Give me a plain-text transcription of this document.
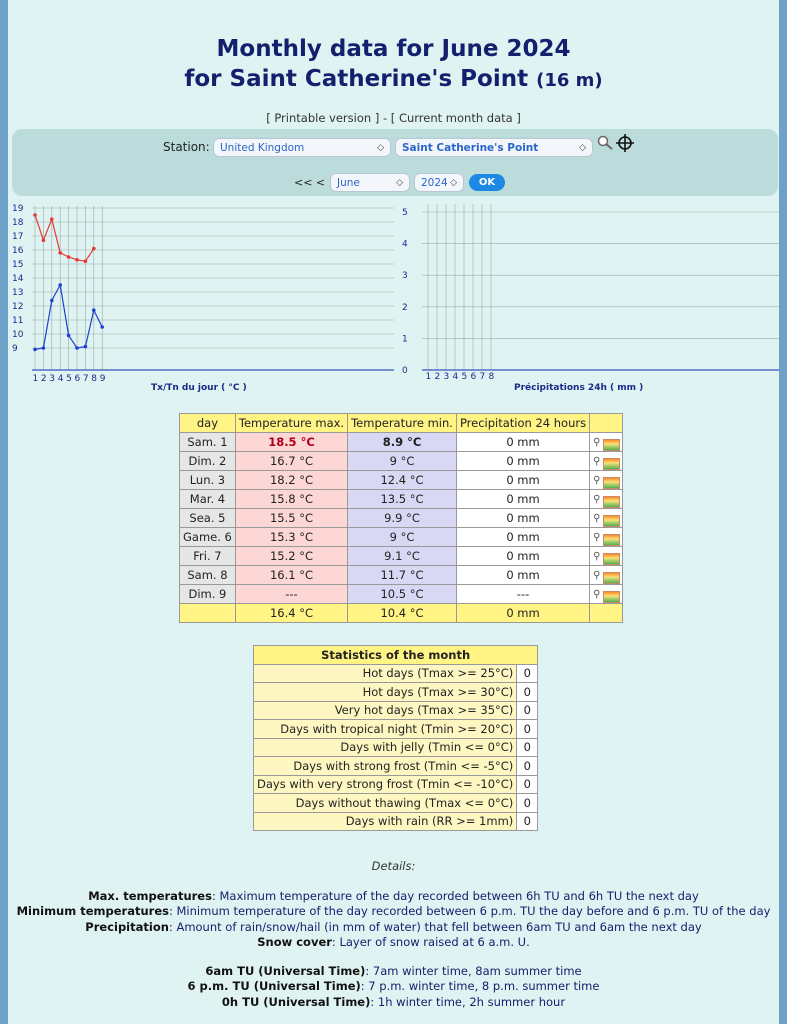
Monthly data for June 2024
for Saint Catherine's Point (16 m)
[ Printable version ] - [ Current month data ]
Station: United Kingdom	◇	Saint Catherine's Point	◇
<< <	June	◇	2024 ◇	OK
9
10
11
12
13
14
15
16
17
18
19
1 2 3 4 5 6 7 8 9
Tx/Tn du jour ( °C )
0
1
2
3
4
5
1 2 3 4 5 6 7 8
Précipitations 24h ( mm )
day	Temperature max.	Temperature min.	Precipitation 24 hours	
Sam. 1	18.5 °C	8.9 °C	0 mm	⚲

Dim. 2	16.7 °C	9 °C	0 mm	⚲

Lun. 3	18.2 °C	12.4 °C	0 mm	⚲

Mar. 4	15.8 °C	13.5 °C	0 mm	⚲

Sea. 5	15.5 °C	9.9 °C	0 mm	⚲

Game. 6	15.3 °C	9 °C	0 mm	⚲

Fri. 7	15.2 °C	9.1 °C	0 mm	⚲

Sam. 8	16.1 °C	11.7 °C	0 mm	⚲

Dim. 9	---	10.5 °C	---	⚲

	16.4 °C	10.4 °C	0 mm	
Statistics of the month	
Hot days (Tmax >= 25°C)	0
Hot days (Tmax >= 30°C)	0
Very hot days (Tmax >= 35°C)	0
Days with tropical night (Tmin >= 20°C)	0
Days with jelly (Tmin <= 0°C)	0
Days with strong frost (Tmin <= -5°C)	0
Days with very strong frost (Tmin <= -10°C)	0
Days without thawing (Tmax <= 0°C)	0
Days with rain (RR >= 1mm)	0
Details:
Max. temperatures: Maximum temperature of the day recorded between 6h TU and 6h TU the next day
Minimum temperatures: Minimum temperature of the day recorded between 6 p.m. TU the day before and 6 p.m. TU of the day
Precipitation: Amount of rain/snow/hail (in mm of water) that fell between 6am TU and 6am the next day
Snow cover: Layer of snow raised at 6 a.m. U.
6am TU (Universal Time): 7am winter time, 8am summer time
6 p.m. TU (Universal Time): 7 p.m. winter time, 8 p.m. summer time
0h TU (Universal Time): 1h winter time, 2h summer hour
